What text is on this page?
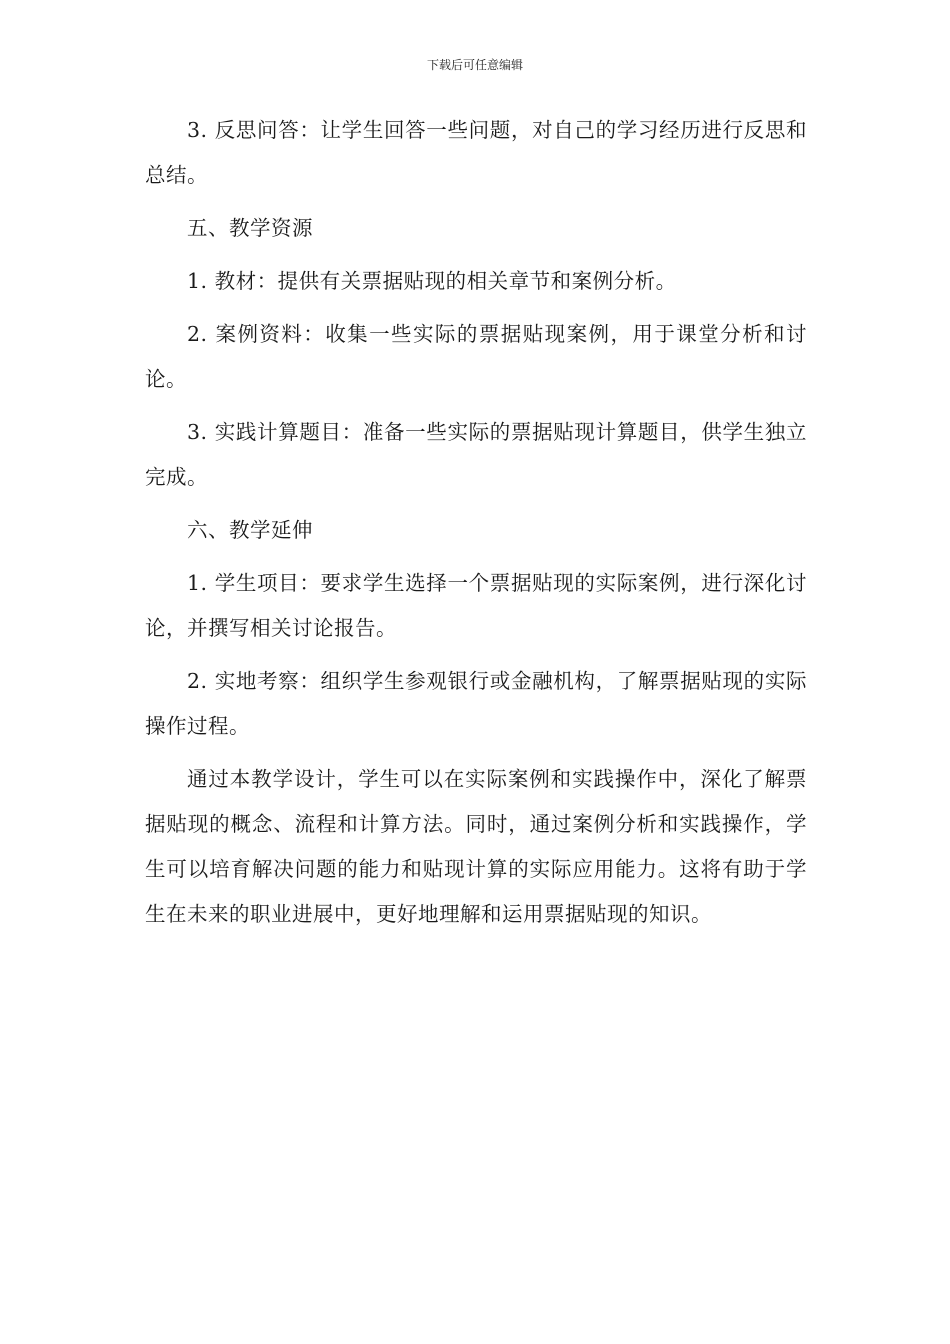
下载后可任意编辑

3. 反思问答：让学生回答一些问题，对自己的学习经历进行反思和总结。

五、教学资源

1. 教材：提供有关票据贴现的相关章节和案例分析。

2. 案例资料：收集一些实际的票据贴现案例，用于课堂分析和讨论。

3. 实践计算题目：准备一些实际的票据贴现计算题目，供学生独立完成。

六、教学延伸

1. 学生项目：要求学生选择一个票据贴现的实际案例，进行深化讨论，并撰写相关讨论报告。

2. 实地考察：组织学生参观银行或金融机构，了解票据贴现的实际操作过程。

通过本教学设计，学生可以在实际案例和实践操作中，深化了解票据贴现的概念、流程和计算方法。同时，通过案例分析和实践操作，学生可以培育解决问题的能力和贴现计算的实际应用能力。这将有助于学生在未来的职业进展中，更好地理解和运用票据贴现的知识。
